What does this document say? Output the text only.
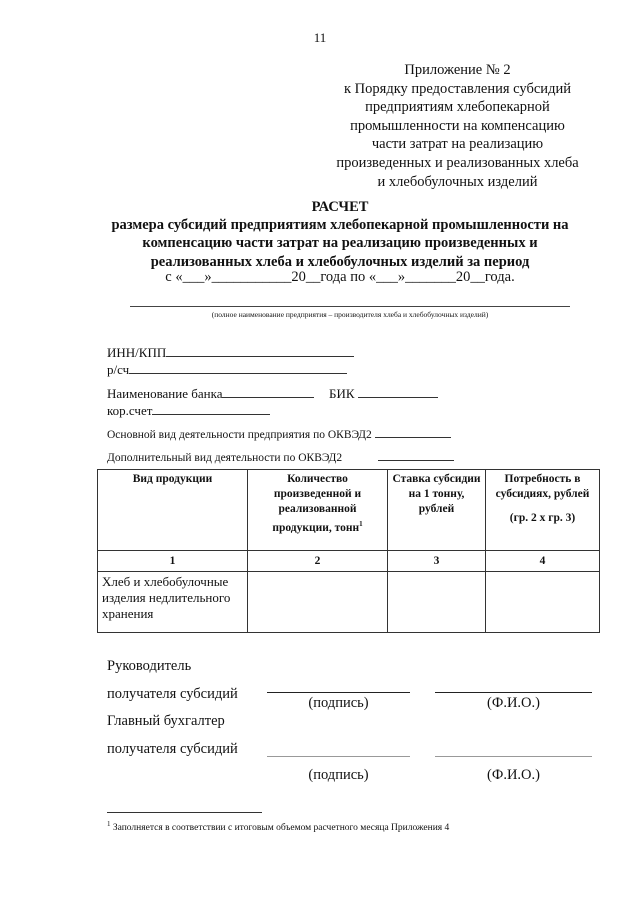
11
Приложение № 2
к Порядку предоставления субсидий
предприятиям хлебопекарной
промышленности на компенсацию
части затрат на реализацию
произведенных и реализованных хлеба
и хлебобулочных изделий
РАСЧЕТ
размера субсидий предприятиям хлебопекарной промышленности на
компенсацию части затрат на реализацию произведенных и
реализованных хлеба и хлебобулочных изделий за период
с «___»___________20__года по «___»_______20__года.
(полное наименование предприятия – производителя хлеба и хлебобулочных изделий)
ИНН/КПП
р/сч
Наименование банка	БИК
кор.счет
Основной вид деятельности предприятия по ОКВЭД2
Дополнительный вид деятельности по ОКВЭД2
Вид продукции	Количество произведенной и реализованной продукции, тонн$^1$	Ставка субсидии на 1 тонну, рублей	Потребность в субсидиях, рублей
(гр. 2 х гр. 3)

1	2	3	4
Хлеб и хлебобулочные изделия недлительного хранения			
Руководитель
получателя субсидий
(подпись)	(Ф.И.О.)
Главный бухгалтер
получателя субсидий
(подпись)	(Ф.И.О.)
$^1$ Заполняется в соответствии с итоговым объемом расчетного месяца Приложения 4
